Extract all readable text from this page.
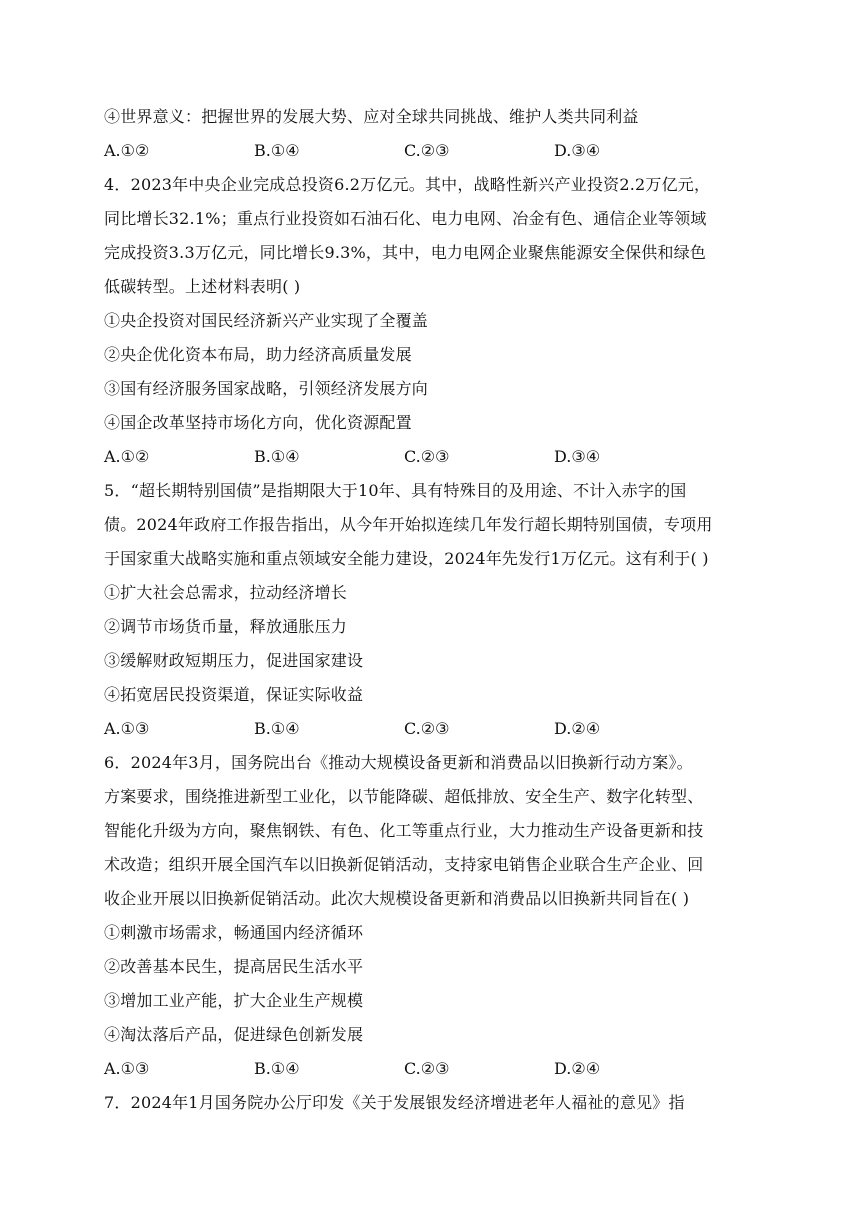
④世界意义：把握世界的发展大势、应对全球共同挑战、维护人类共同利益
A.①②	B.①④	C.②③	D.③④
4．2023年中央企业完成总投资6.2万亿元。其中，战略性新兴产业投资2.2万亿元，
同比增长32.1%；重点行业投资如石油石化、电力电网、冶金有色、通信企业等领域
完成投资3.3万亿元，同比增长9.3%，其中，电力电网企业聚焦能源安全保供和绿色
低碳转型。上述材料表明( )
①央企投资对国民经济新兴产业实现了全覆盖
②央企优化资本布局，助力经济高质量发展
③国有经济服务国家战略，引领经济发展方向
④国企改革坚持市场化方向，优化资源配置
A.①②	B.①④	C.②③	D.③④
5．“超长期特别国债”是指期限大于10年、具有特殊目的及用途、不计入赤字的国
债。2024年政府工作报告指出，从今年开始拟连续几年发行超长期特别国债，专项用
于国家重大战略实施和重点领域安全能力建设，2024年先发行1万亿元。这有利于( )
①扩大社会总需求，拉动经济增长
②调节市场货币量，释放通胀压力
③缓解财政短期压力，促进国家建设
④拓宽居民投资渠道，保证实际收益
A.①③	B.①④	C.②③	D.②④
6．2024年3月，国务院出台《推动大规模设备更新和消费品以旧换新行动方案》。
方案要求，围绕推进新型工业化，以节能降碳、超低排放、安全生产、数字化转型、
智能化升级为方向，聚焦钢铁、有色、化工等重点行业，大力推动生产设备更新和技
术改造；组织开展全国汽车以旧换新促销活动，支持家电销售企业联合生产企业、回
收企业开展以旧换新促销活动。此次大规模设备更新和消费品以旧换新共同旨在( )
①刺激市场需求，畅通国内经济循环
②改善基本民生，提高居民生活水平
③增加工业产能，扩大企业生产规模
④淘汰落后产品，促进绿色创新发展
A.①③	B.①④	C.②③	D.②④
7．2024年1月国务院办公厅印发《关于发展银发经济增进老年人福祉的意见》指
